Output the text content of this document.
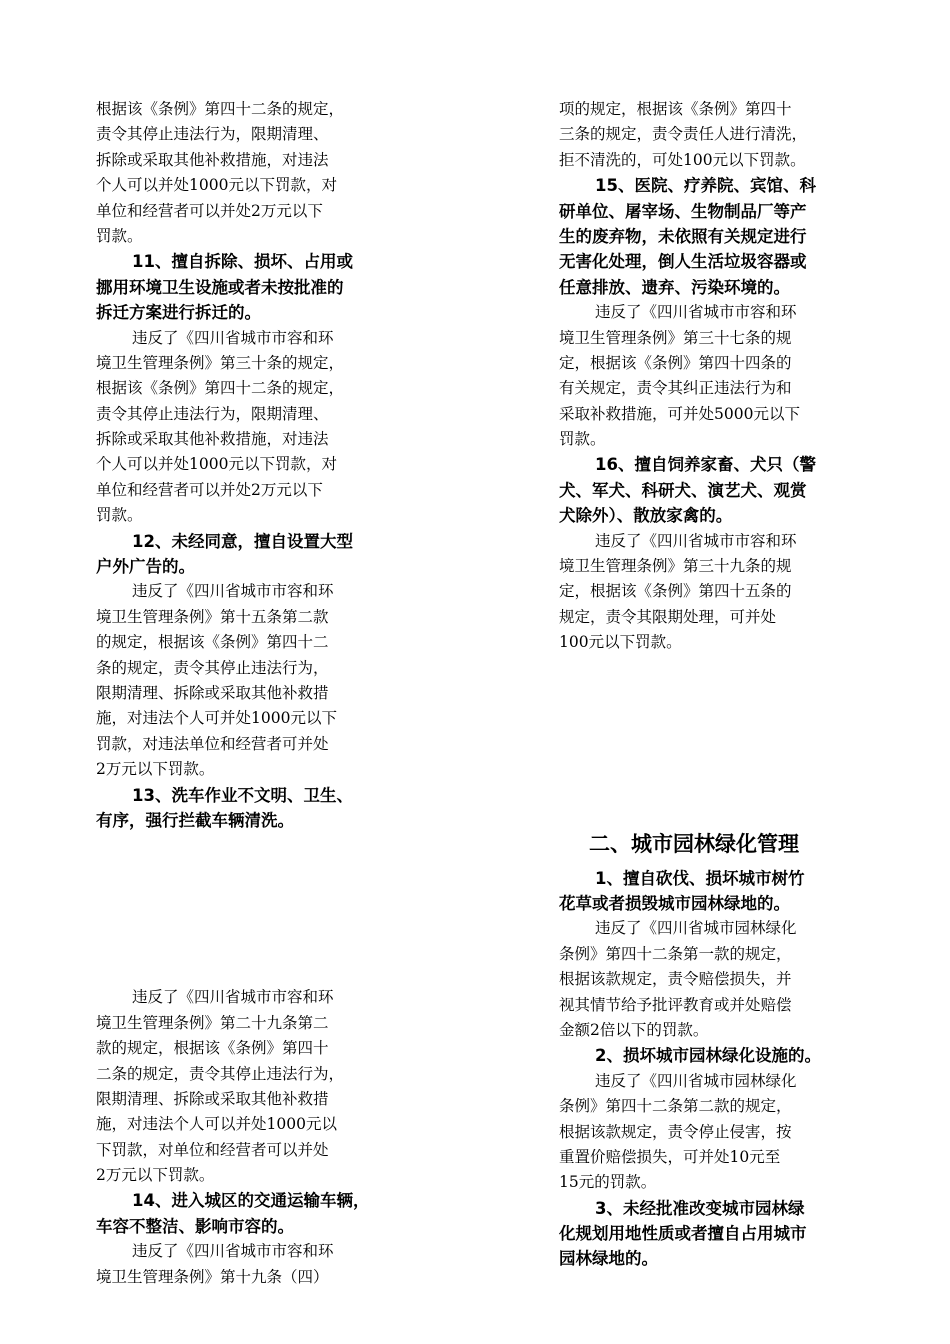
根据该《条例》第四十二条的规定，
责令其停止违法行为，限期清理、
拆除或采取其他补救措施，对违法
个人可以并处1000元以下罚款，对
单位和经营者可以并处2万元以下
罚款。
11、擅自拆除、损坏、占用或
挪用环境卫生设施或者未按批准的
拆迁方案进行拆迁的。
违反了《四川省城市市容和环
境卫生管理条例》第三十条的规定，
根据该《条例》第四十二条的规定，
责令其停止违法行为，限期清理、
拆除或采取其他补救措施，对违法
个人可以并处1000元以下罚款，对
单位和经营者可以并处2万元以下
罚款。
12、未经同意，擅自设置大型
户外广告的。
违反了《四川省城市市容和环
境卫生管理条例》第十五条第二款
的规定，根据该《条例》第四十二
条的规定，责令其停止违法行为，
限期清理、拆除或采取其他补救措
施，对违法个人可并处1000元以下
罚款，对违法单位和经营者可并处
2万元以下罚款。
13、洗车作业不文明、卫生、
有序，强行拦截车辆清洗。
违反了《四川省城市市容和环
境卫生管理条例》第二十九条第二
款的规定，根据该《条例》第四十
二条的规定，责令其停止违法行为，
限期清理、拆除或采取其他补救措
施，对违法个人可以并处1000元以
下罚款，对单位和经营者可以并处
2万元以下罚款。
14、进入城区的交通运输车辆，
车容不整洁、影响市容的。
违反了《四川省城市市容和环
境卫生管理条例》第十九条（四）
项的规定，根据该《条例》第四十
三条的规定，责令责任人进行清洗，
拒不清洗的，可处100元以下罚款。
15、医院、疗养院、宾馆、科
研单位、屠宰场、生物制品厂等产
生的废弃物，未依照有关规定进行
无害化处理，倒人生活垃圾容器或
任意排放、遗弃、污染环境的。
违反了《四川省城市市容和环
境卫生管理条例》第三十七条的规
定，根据该《条例》第四十四条的
有关规定，责令其纠正违法行为和
采取补救措施，可并处5000元以下
罚款。
16、擅自饲养家畜、犬只（警
犬、军犬、科研犬、演艺犬、观赏
犬除外）、散放家禽的。
违反了《四川省城市市容和环
境卫生管理条例》第三十九条的规
定，根据该《条例》第四十五条的
规定，责令其限期处理，可并处
100元以下罚款。
二、城市园林绿化管理
1、擅自砍伐、损坏城市树竹
花草或者损毁城市园林绿地的。
违反了《四川省城市园林绿化
条例》第四十二条第一款的规定，
根据该款规定，责令赔偿损失，并
视其情节给予批评教育或并处赔偿
金额2倍以下的罚款。
2、损坏城市园林绿化设施的。
违反了《四川省城市园林绿化
条例》第四十二条第二款的规定，
根据该款规定，责令停止侵害，按
重置价赔偿损失，可并处10元至
15元的罚款。
3、未经批准改变城市园林绿
化规划用地性质或者擅自占用城市
园林绿地的。
